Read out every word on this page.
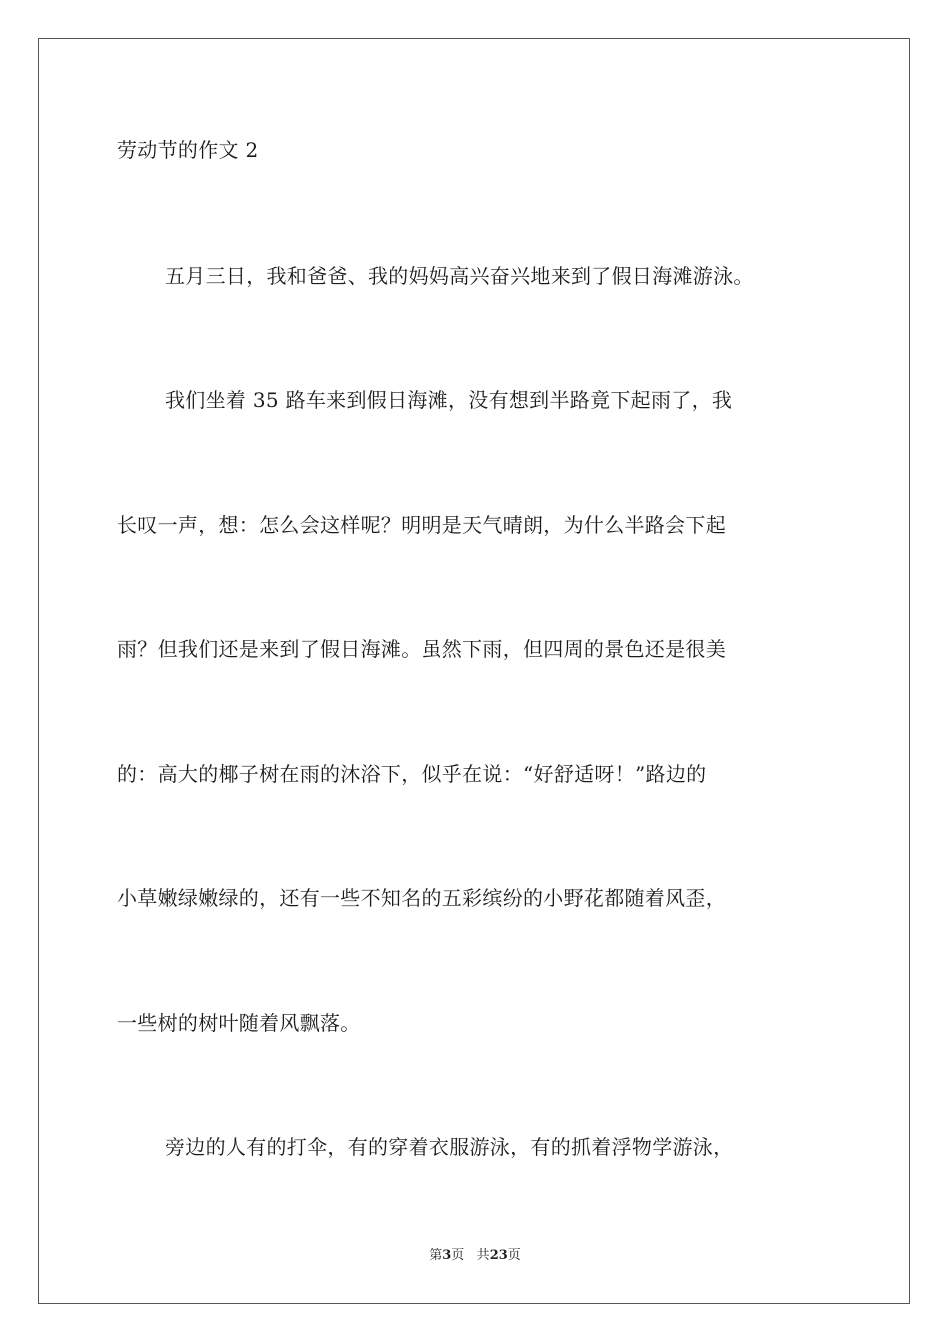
劳动节的作文 2
五月三日，我和爸爸、我的妈妈高兴奋兴地来到了假日海滩游泳。
我们坐着 35 路车来到假日海滩，没有想到半路竟下起雨了，我
长叹一声，想：怎么会这样呢？明明是天气晴朗，为什么半路会下起
雨？但我们还是来到了假日海滩。虽然下雨，但四周的景色还是很美
的：高大的椰子树在雨的沐浴下，似乎在说：“好舒适呀！”路边的
小草嫩绿嫩绿的，还有一些不知名的五彩缤纷的小野花都随着风歪，
一些树的树叶随着风飘落。
旁边的人有的打伞，有的穿着衣服游泳，有的抓着浮物学游泳，
第3页 共23页
